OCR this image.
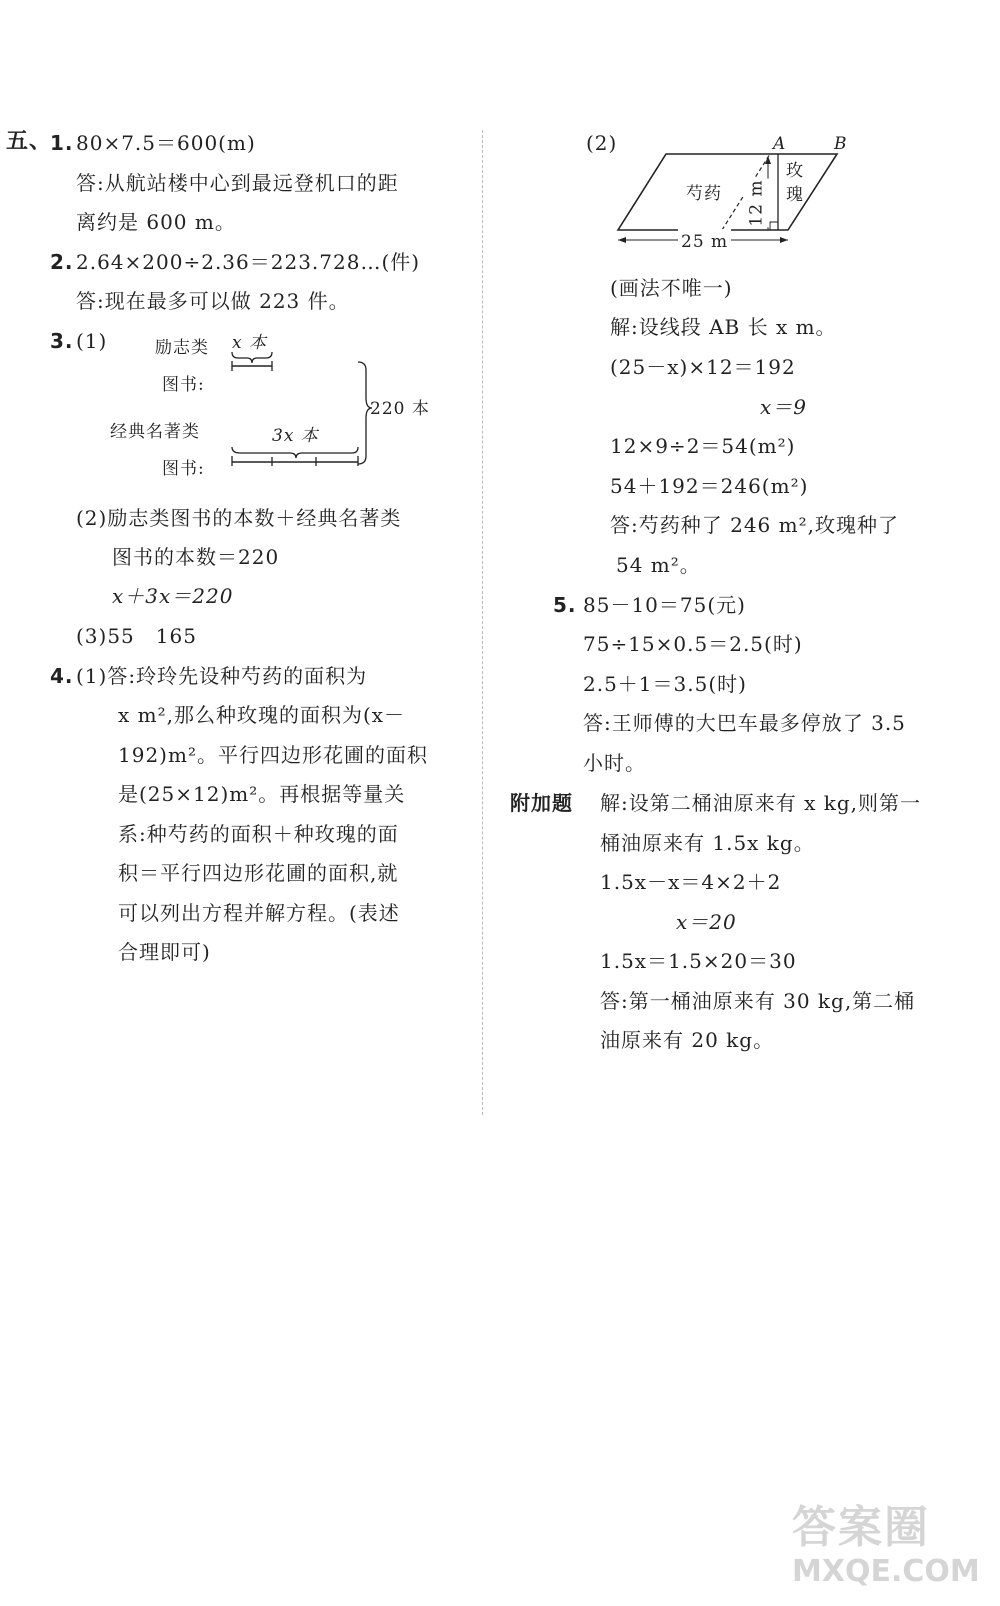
五、
1. 80×7.5＝600(m)
答:从航站楼中心到最远登机口的距
离约是 600 m。
2. 2.64×200÷2.36＝223.728…(件)
答:现在最多可以做 223 件。
3. (1)	励志类
图书:
x 本
经典名著类
图书:
3x 本
220 本
(2)励志类图书的本数＋经典名著类
图书的本数＝220
x＋3x＝220
(3)55　165
4. (1)答:玲玲先设种芍药的面积为
x m²,那么种玫瑰的面积为(x－
192)m²。平行四边形花圃的面积
是(25×12)m²。再根据等量关
系:种芍药的面积＋种玫瑰的面
积＝平行四边形花圃的面积,就
可以列出方程并解方程。(表述
合理即可)
(2)	A	B
芍药
玫
瑰
12 m
25 m
(画法不唯一)
解:设线段 AB 长 x m。
(25－x)×12＝192
x＝9
12×9÷2＝54(m²)
54＋192＝246(m²)
答:芍药种了 246 m²,玫瑰种了
54 m²。
5. 85－10＝75(元)
75÷15×0.5＝2.5(时)
2.5＋1＝3.5(时)
答:王师傅的大巴车最多停放了 3.5
小时。
附加题 解:设第二桶油原来有 x kg,则第一
桶油原来有 1.5x kg。
1.5x－x＝4×2＋2
x＝20
1.5x＝1.5×20＝30
答:第一桶油原来有 30 kg,第二桶
油原来有 20 kg。
答案圈
MXQE.COM
